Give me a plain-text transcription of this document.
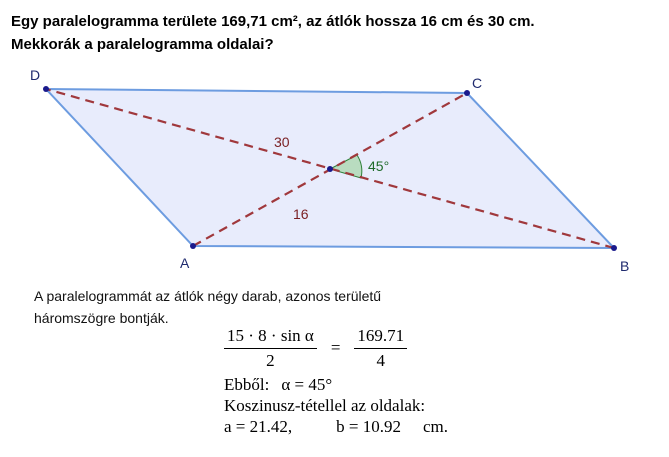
Egy paralelogramma területe 169,71 cm², az átlók hossza 16 cm és 30 cm.
Mekkorák a paralelogramma oldalai?

A	B
C
D
30
16
45°

A paralelogrammát az átlók négy darab, azonos területű
háromszögre bontják.

$\frac{\text{15 · 8 · sin α}}{2} = \frac{169.71}{4}$
Ebből: α = 45°
Koszinusz-tétellel az oldalak:
a = 21.42,	b = 10.92 cm.
